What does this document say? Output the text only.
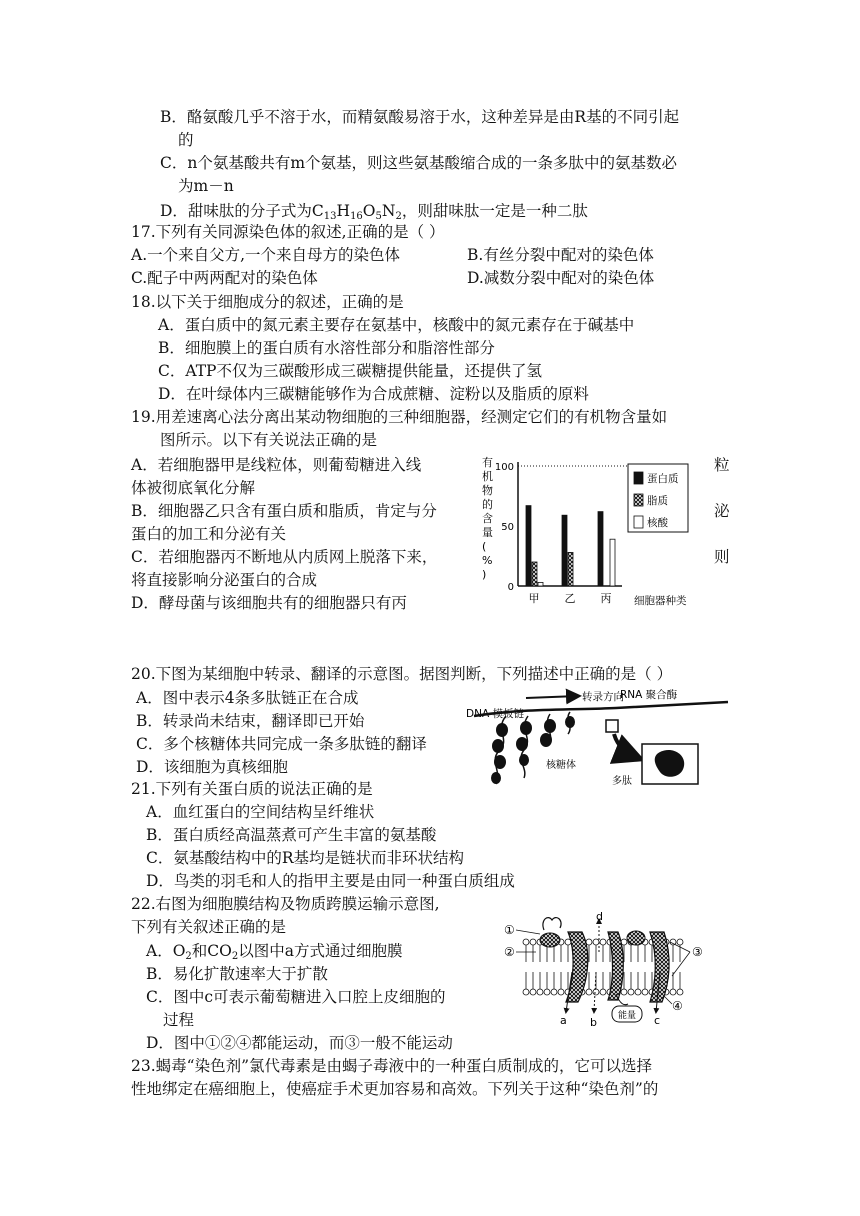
B．酪氨酸几乎不溶于水，而精氨酸易溶于水，这种差异是由R基的不同引起
的
C．n个氨基酸共有m个氨基，则这些氨基酸缩合成的一条多肽中的氨基数必
为m－n
D．甜味肽的分子式为$C_{13}H_{16}O_5N_2$，则甜味肽一定是一种二肽
17.下列有关同源染色体的叙述,正确的是（ ）
A.一个来自父方,一个来自母方的染色体	B.有丝分裂中配对的染色体
C.配子中两两配对的染色体	D.减数分裂中配对的染色体
18.以下关于细胞成分的叙述，正确的是
A．蛋白质中的氮元素主要存在氨基中，核酸中的氮元素存在于碱基中
B．细胞膜上的蛋白质有水溶性部分和脂溶性部分
C．ATP不仅为三碳酸形成三碳糖提供能量，还提供了氢
D．在叶绿体内三碳糖能够作为合成蔗糖、淀粉以及脂质的原料
19.用差速离心法分离出某动物细胞的三种细胞器，经测定它们的有机物含量如
图所示。以下有关说法正确的是
A．若细胞器甲是线粒体，则葡萄糖进入线	粒
体被彻底氧化分解
B．细胞器乙只含有蛋白质和脂质，肯定与分	泌
蛋白的加工和分泌有关
C．若细胞器丙不断地从内质网上脱落下来，	则
将直接影响分泌蛋白的合成
D．酵母菌与该细胞共有的细胞器只有丙
有
机
物
的
含
量
(
%
)
100
50
0
甲 乙 丙 细胞器种类
蛋白质
脂质
核酸
20.下图为某细胞中转录、翻译的示意图。据图判断，下列描述中正确的是（ ）
A．图中表示4条多肽链正在合成
B．转录尚未结束，翻译即已开始
C．多个核糖体共同完成一条多肽链的翻译
D．该细胞为真核细胞
转录方向
RNA 聚合酶
DNA 模板链
核糖体
多肽
21.下列有关蛋白质的说法正确的是
A．血红蛋白的空间结构呈纤维状
B．蛋白质经高温蒸煮可产生丰富的氨基酸
C．氨基酸结构中的R基均是链状而非环状结构
D．鸟类的羽毛和人的指甲主要是由同一种蛋白质组成
22.右图为细胞膜结构及物质跨膜运输示意图,
下列有关叙述正确的是
A．$O_2$和$CO_2$以图中a方式通过细胞膜
B．易化扩散速率大于扩散
C．图中c可表示葡萄糖进入口腔上皮细胞的
过程
D．图中①②④都能运动，而③一般不能运动
d
a b	c
能量
①
②	③
④
23.蝎毒“染色剂”氯代毒素是由蝎子毒液中的一种蛋白质制成的，它可以选择
性地绑定在癌细胞上，使癌症手术更加容易和高效。下列关于这种“染色剂”的
